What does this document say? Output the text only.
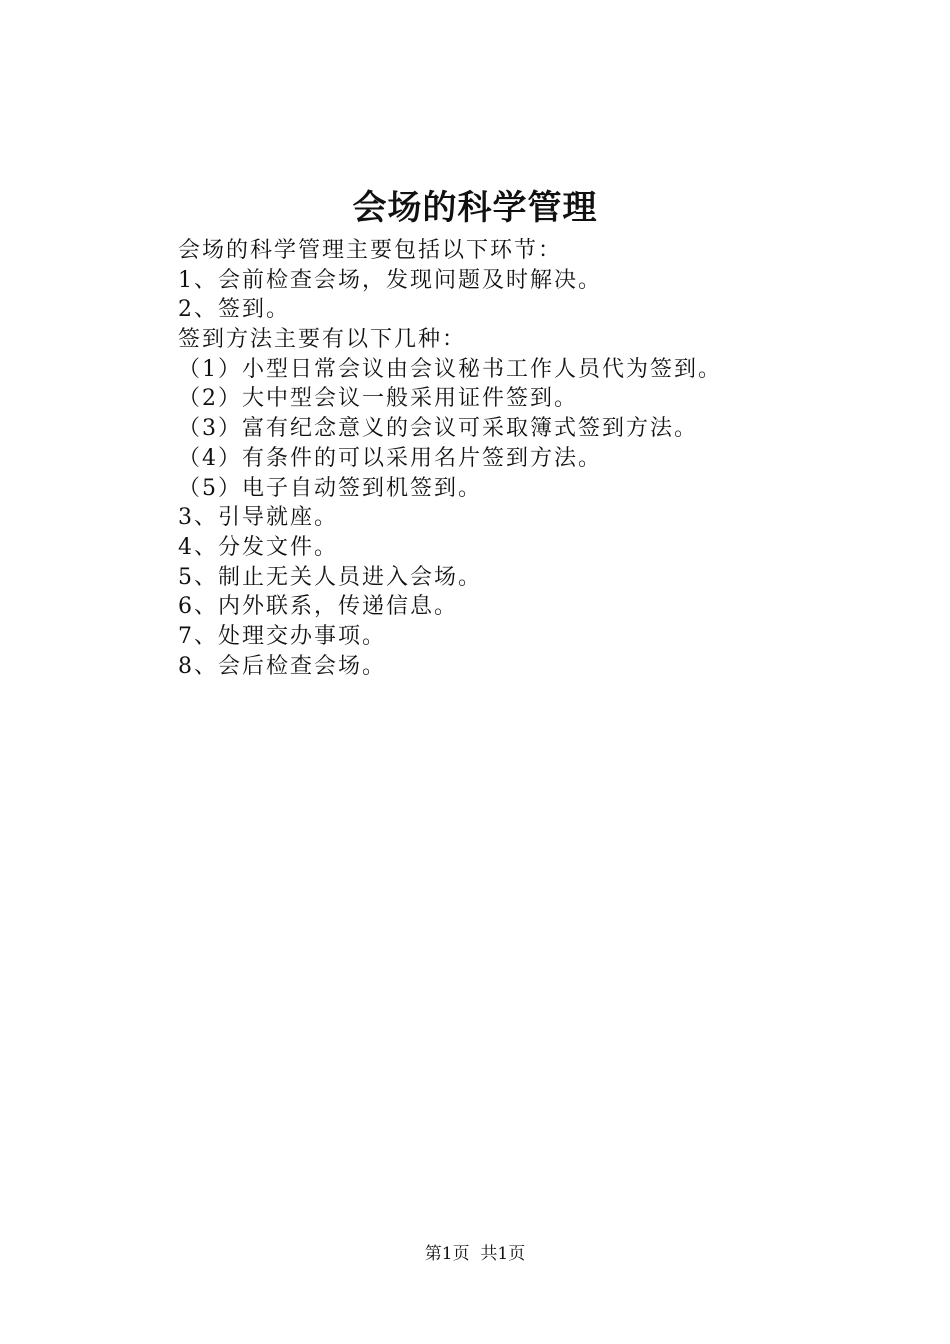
会场的科学管理
会场的科学管理主要包括以下环节：
1、会前检查会场，发现问题及时解决。
2、签到。
签到方法主要有以下几种：
（1）小型日常会议由会议秘书工作人员代为签到。
（2）大中型会议一般采用证件签到。
（3）富有纪念意义的会议可采取簿式签到方法。
（4）有条件的可以采用名片签到方法。
（5）电子自动签到机签到。
3、引导就座。
4、分发文件。
5、制止无关人员进入会场。
6、内外联系，传递信息。
7、处理交办事项。
8、会后检查会场。
第1页 共1页
